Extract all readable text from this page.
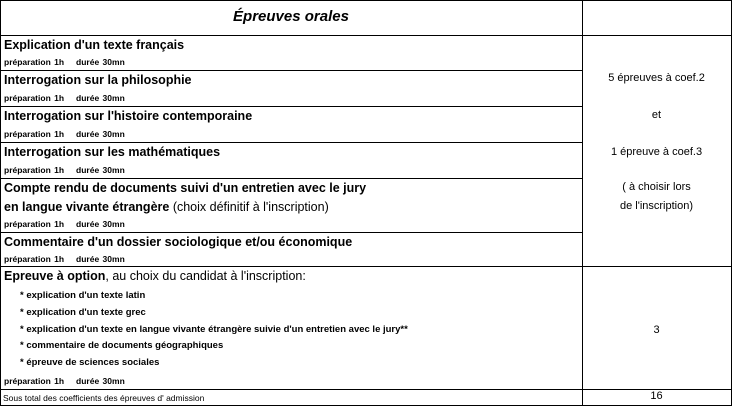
Épreuves orales
Explication d'un texte français
préparation 1h durée 30mn
Interrogation sur la philosophie
préparation 1h durée 30mn
Interrogation sur l'histoire contemporaine
préparation 1h durée 30mn
Interrogation sur les mathématiques
préparation 1h durée 30mn
Compte rendu de documents suivi d'un entretien avec le jury
en langue vivante étrangère (choix définitif à l'inscription)
préparation 1h durée 30mn
Commentaire d'un dossier sociologique et/ou économique
préparation 1h durée 30mn
Epreuve à option, au choix du candidat à l'inscription:
* explication d'un texte latin
* explication d'un texte grec
* explication d'un texte en langue vivante étrangère suivie d'un entretien avec le jury**
* commentaire de documents géographiques
* épreuve de sciences sociales
préparation 1h durée 30mn
5 épreuves à coef.2
et
1 épreuve à coef.3
( à choisir lors
de l'inscription)
3
Sous total des coefficients des épreuves d' admission	16
